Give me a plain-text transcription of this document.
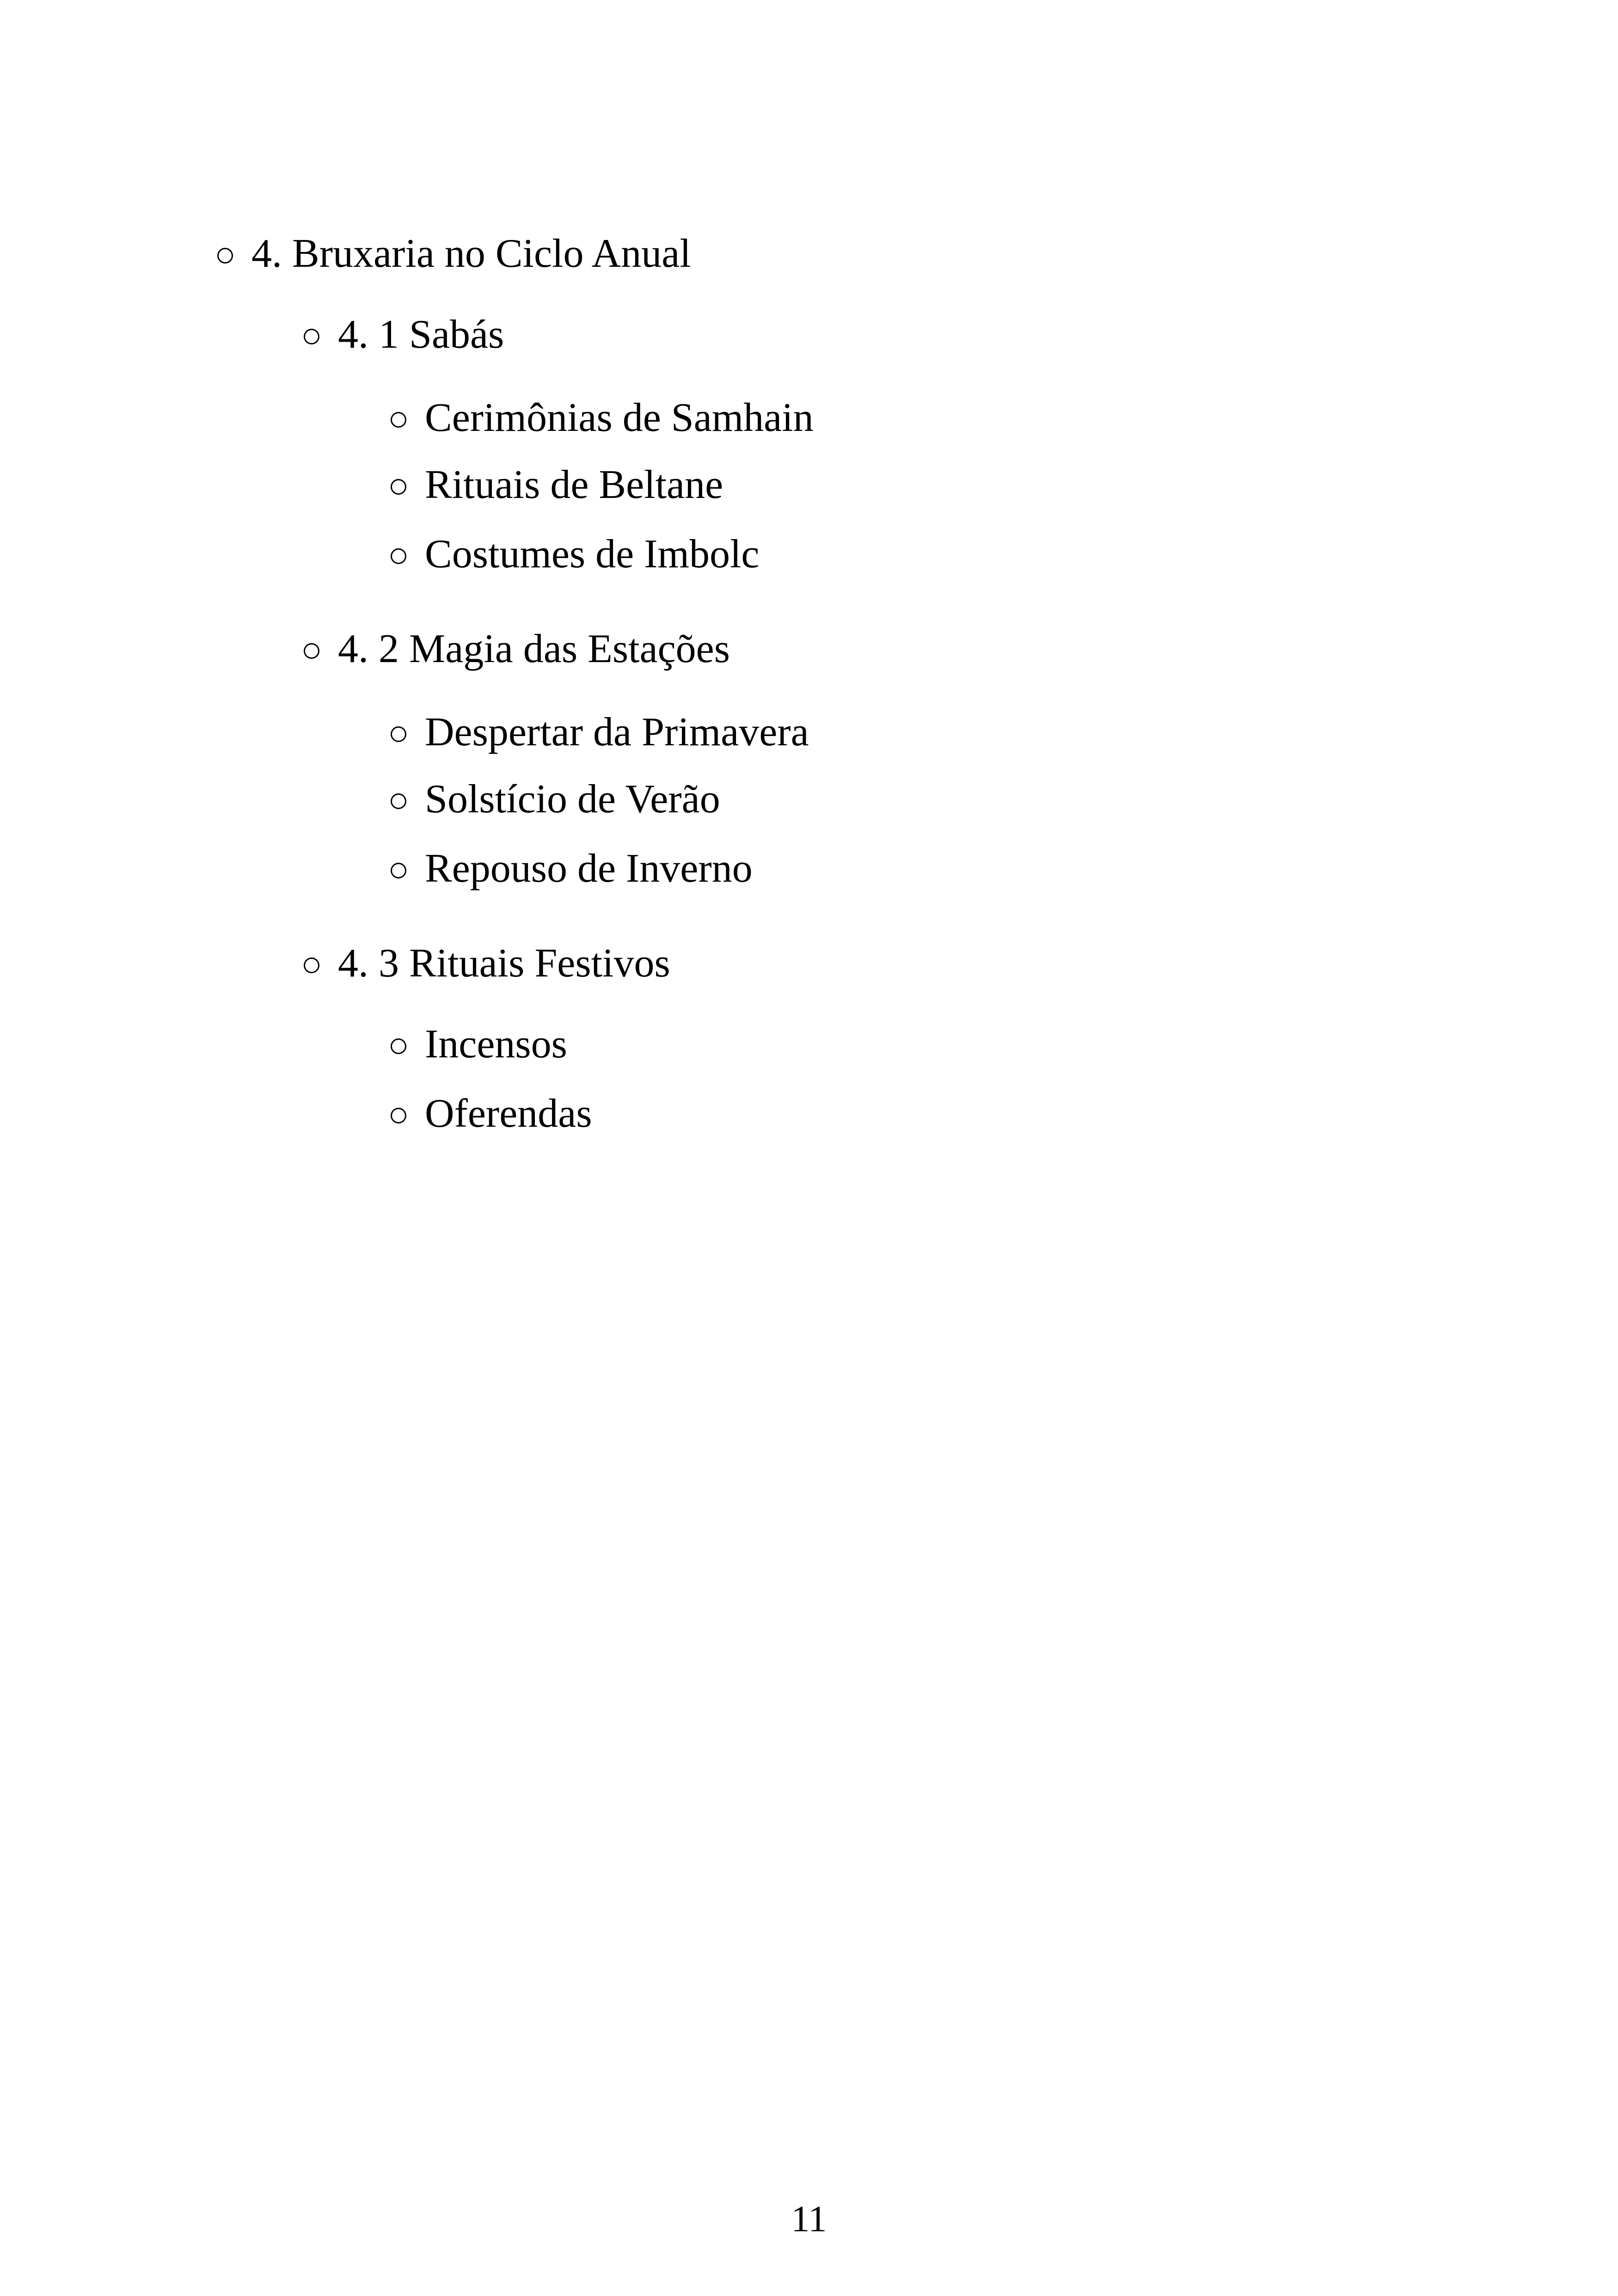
4. Bruxaria no Ciclo Anual
4. 1 Sabás
Cerimônias de Samhain
Rituais de Beltane
Costumes de Imbolc
4. 2 Magia das Estações
Despertar da Primavera
Solstício de Verão
Repouso de Inverno
4. 3 Rituais Festivos
Incensos
Oferendas
11
